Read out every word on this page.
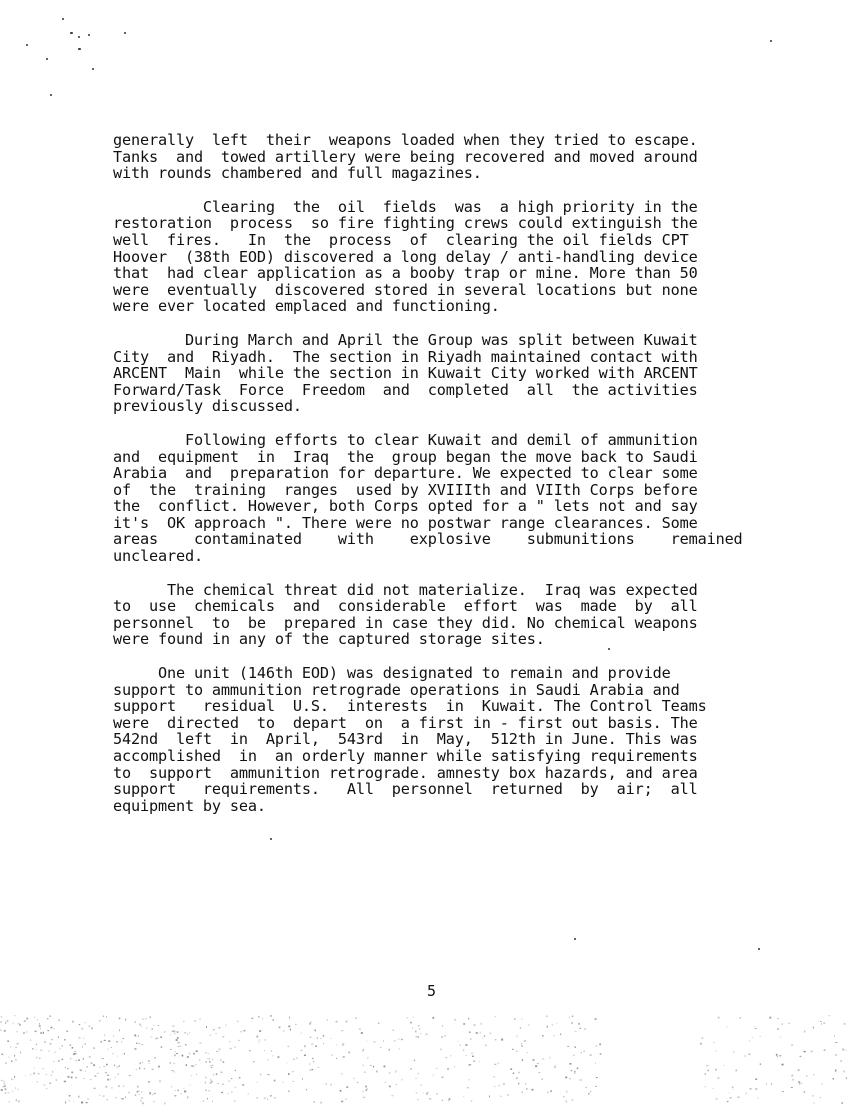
generally  left  their  weapons loaded when they tried to escape.
Tanks  and  towed artillery were being recovered and moved around
with rounds chambered and full magazines.

Clearing  the  oil  fields  was  a high priority in the
restoration  process  so fire fighting crews could extinguish the
well  fires.   In  the  process  of  clearing the oil fields CPT
Hoover  (38th EOD) discovered a long delay / anti-handling device
that  had clear application as a booby trap or mine. More than 50
were  eventually  discovered stored in several locations but none
were ever located emplaced and functioning.

During March and April the Group was split between Kuwait
City  and  Riyadh.  The section in Riyadh maintained contact with
ARCENT  Main  while the section in Kuwait City worked with ARCENT
Forward/Task  Force  Freedom  and  completed  all  the activities
previously discussed.

Following efforts to clear Kuwait and demil of ammunition
and  equipment  in  Iraq  the  group began the move back to Saudi
Arabia  and  preparation for departure. We expected to clear some
of  the  training  ranges  used by XVIIIth and VIIth Corps before
the  conflict. However, both Corps opted for a " lets not and say
it's  OK approach ". There were no postwar range clearances. Some
areas    contaminated    with    explosive    submunitions    remained
uncleared.

The chemical threat did not materialize.  Iraq was expected
to  use  chemicals  and  considerable  effort  was  made  by  all
personnel  to  be  prepared in case they did. No chemical weapons
were found in any of the captured storage sites.

One unit (146th EOD) was designated to remain and provide
support to ammunition retrograde operations in Saudi Arabia and
support   residual  U.S.  interests  in  Kuwait. The Control Teams
were  directed  to  depart  on  a first in - first out basis. The
542nd  left  in  April,  543rd  in  May,  512th in June. This was
accomplished  in  an orderly manner while satisfying requirements
to  support  ammunition retrograde. amnesty box hazards, and area
support   requirements.   All  personnel  returned  by  air;  all
equipment by sea.

5
